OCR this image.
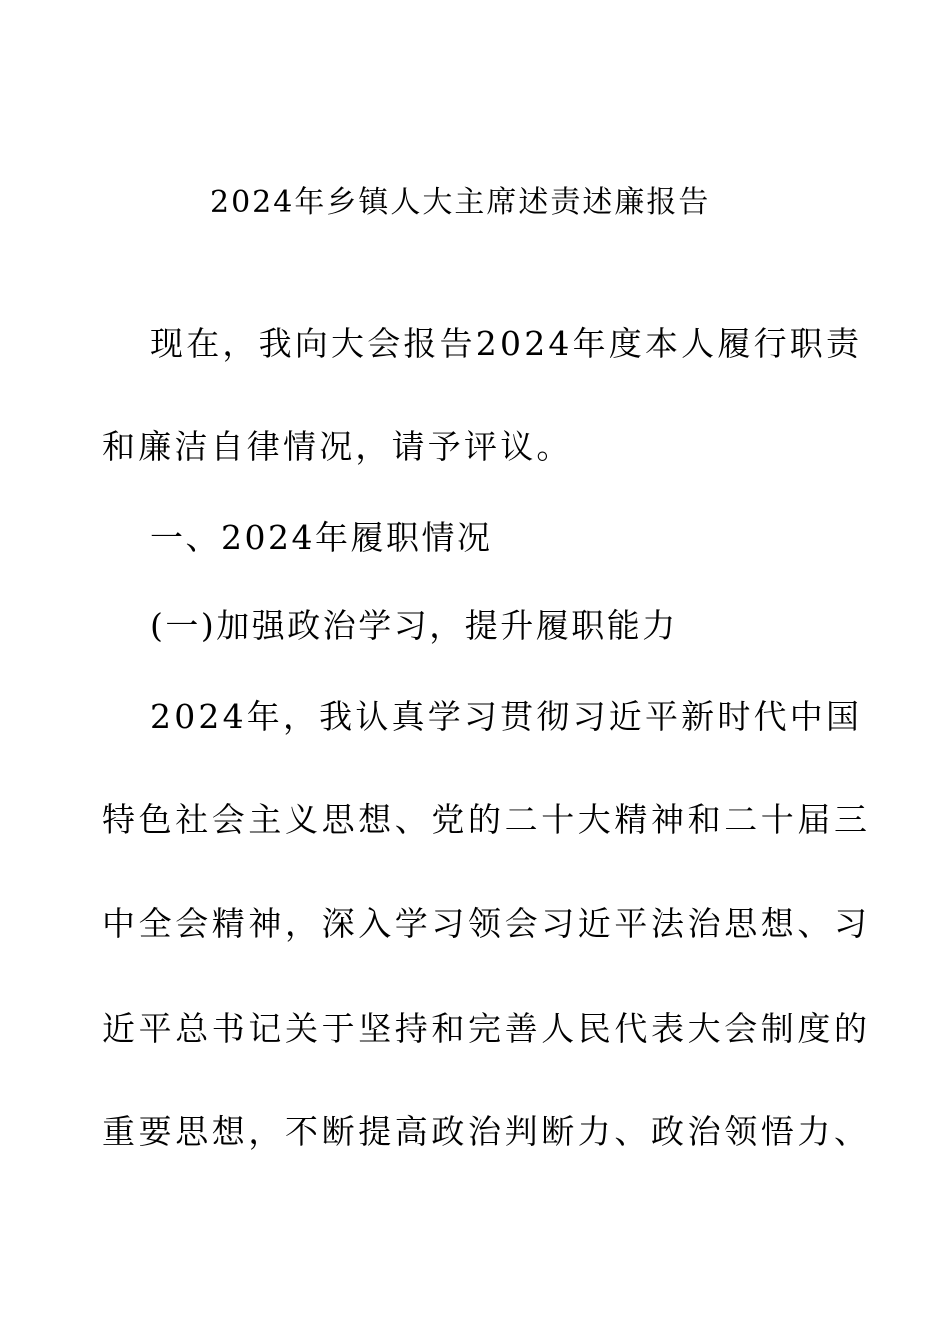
2024年乡镇人大主席述责述廉报告
现在，我向大会报告2024年度本人履行职责
和廉洁自律情况，请予评议。
一、2024年履职情况
(一)加强政治学习，提升履职能力
2024年，我认真学习贯彻习近平新时代中国
特色社会主义思想、党的二十大精神和二十届三
中全会精神，深入学习领会习近平法治思想、习
近平总书记关于坚持和完善人民代表大会制度的
重要思想，不断提高政治判断力、政治领悟力、
